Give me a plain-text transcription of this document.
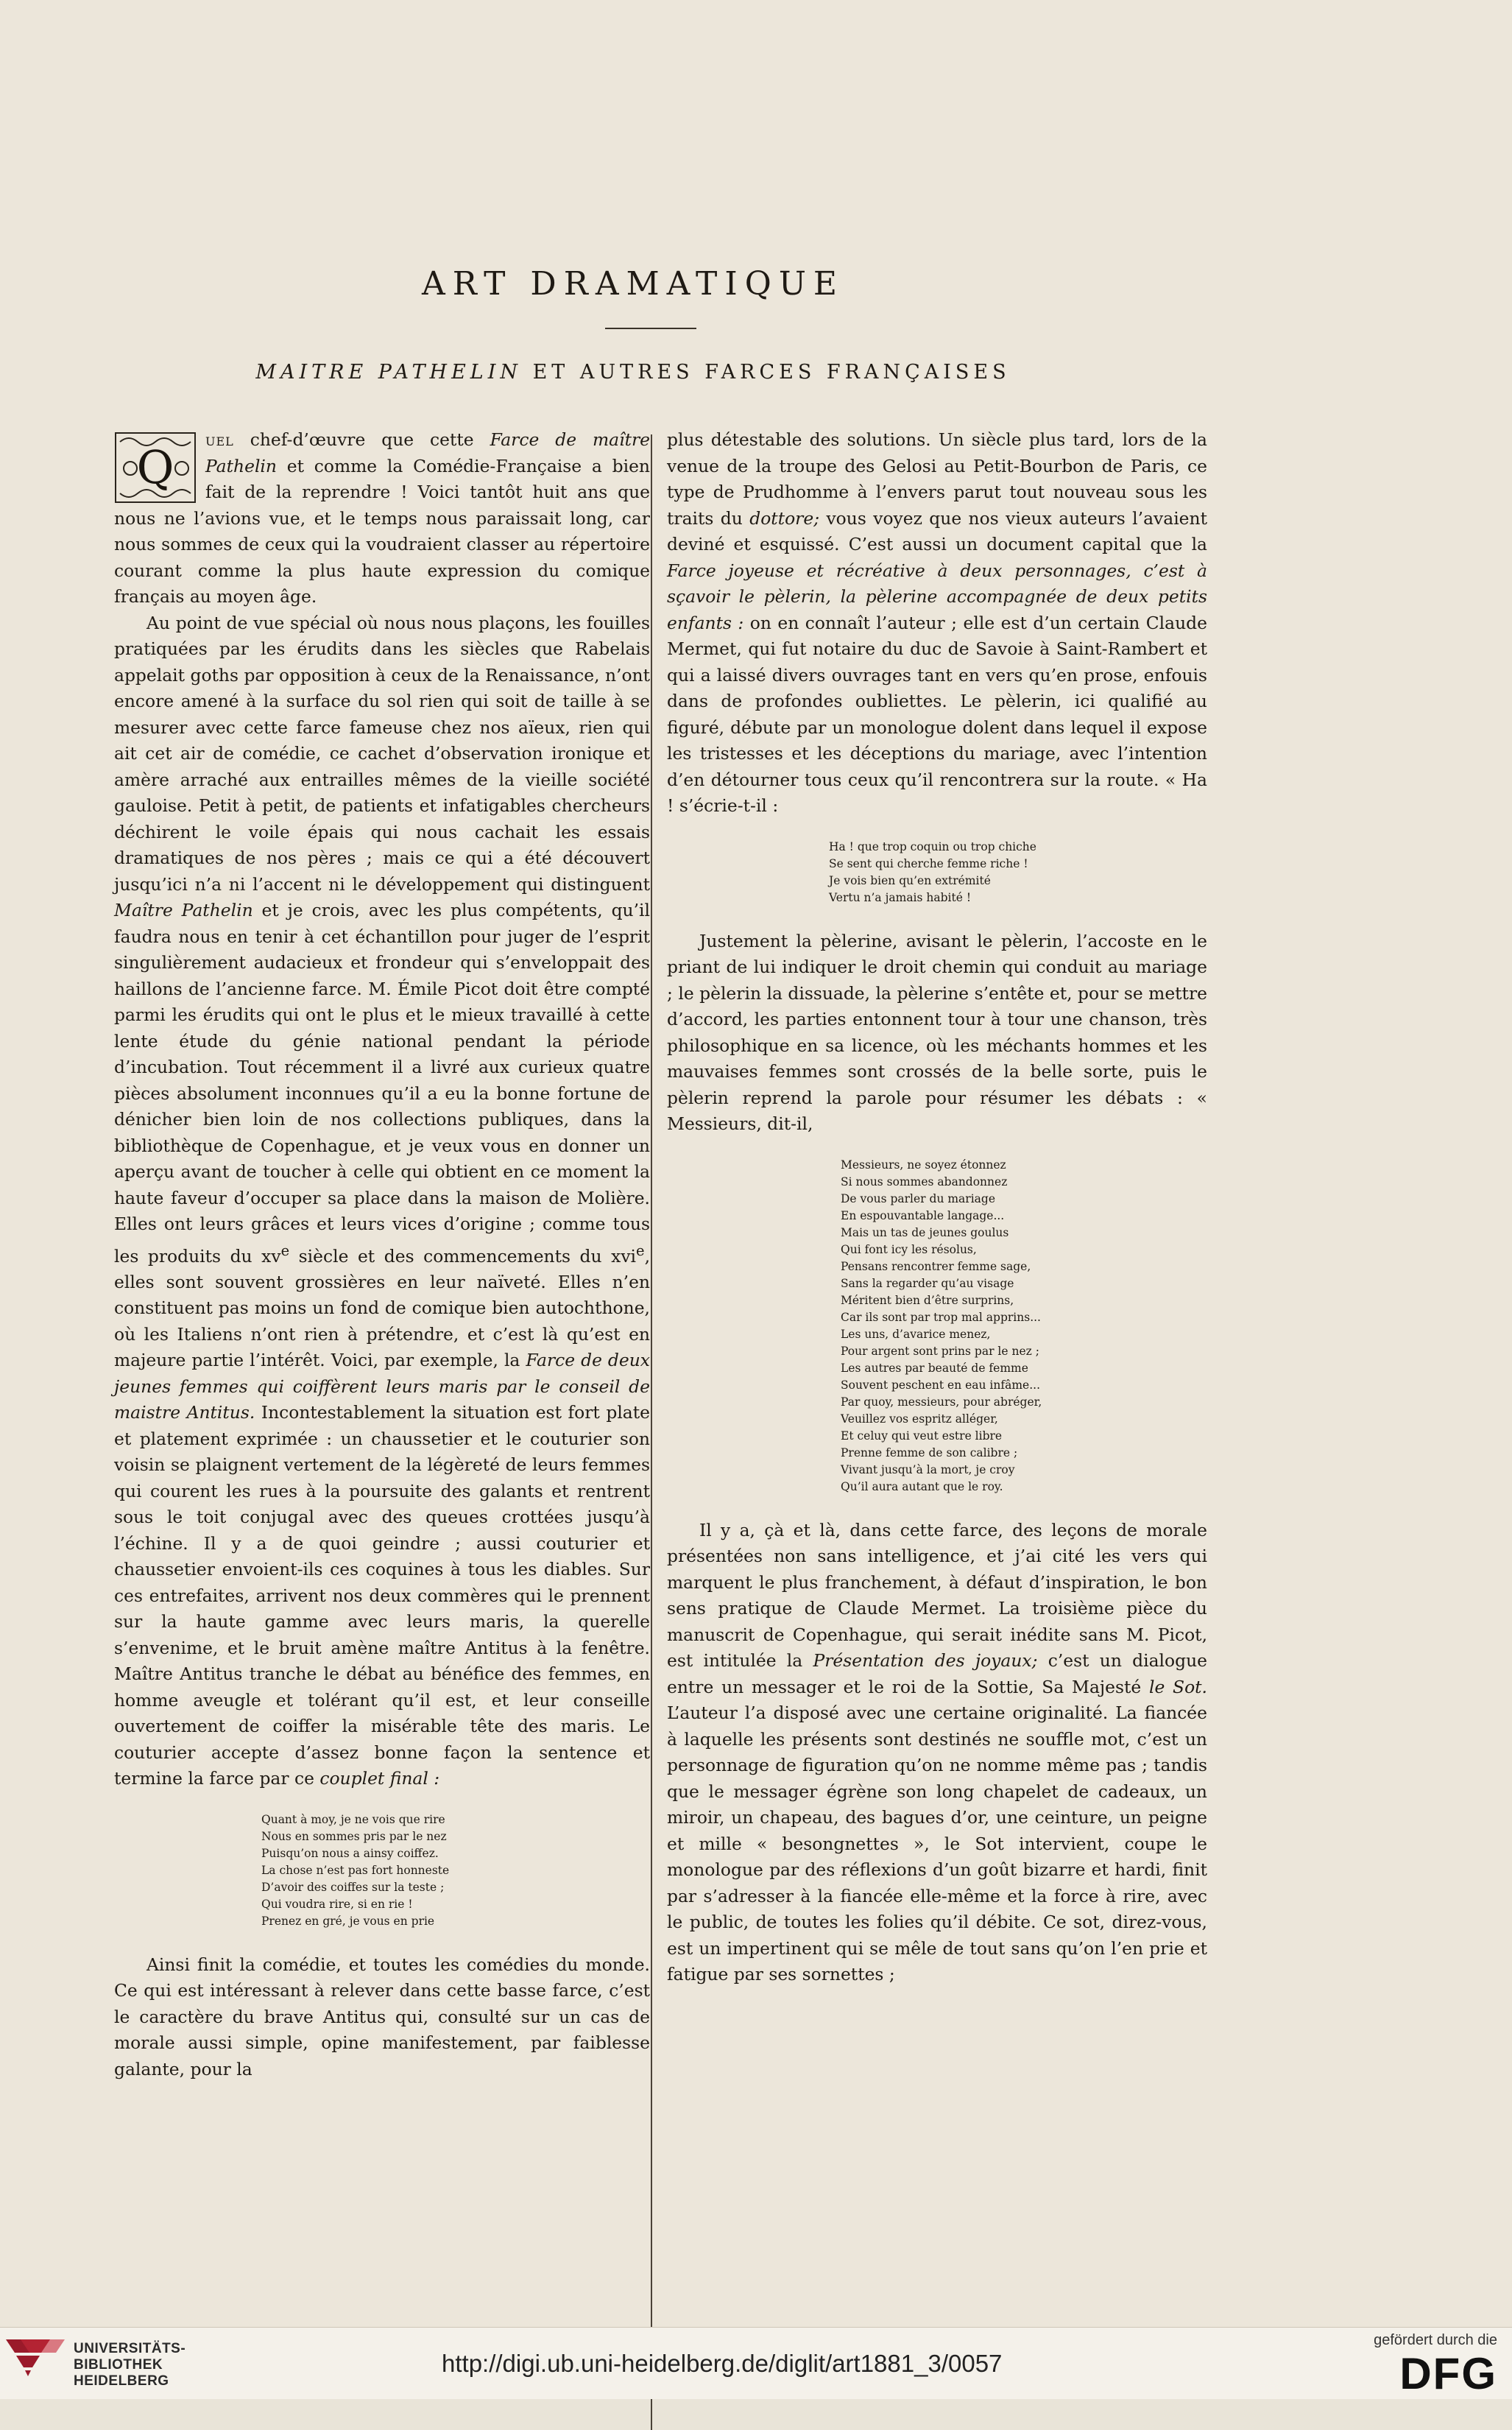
ART DRAMATIQUE
MAITRE PATHELIN ET AUTRES FARCES FRANÇAISES

Q
uel chef-d’œuvre que cette Farce de maître Pathelin et comme la Comédie-Française a bien fait de la reprendre ! Voici tantôt huit ans que nous ne l’avions vue, et le temps nous paraissait long, car nous sommes de ceux qui la voudraient classer au répertoire courant comme la plus haute expression du comique français au moyen âge.

Au point de vue spécial où nous nous plaçons, les fouilles pratiquées par les érudits dans les siècles que Rabelais appelait goths par opposition à ceux de la Renaissance, n’ont encore amené à la surface du sol rien qui soit de taille à se mesurer avec cette farce fameuse chez nos aïeux, rien qui ait cet air de comédie, ce cachet d’observation ironique et amère arraché aux entrailles mêmes de la vieille société gauloise. Petit à petit, de patients et infatigables chercheurs déchirent le voile épais qui nous cachait les essais dramatiques de nos pères ; mais ce qui a été découvert jusqu’ici n’a ni l’accent ni le développement qui distinguent Maître Pathelin et je crois, avec les plus compétents, qu’il faudra nous en tenir à cet échantillon pour juger de l’esprit singulièrement audacieux et frondeur qui s’enveloppait des haillons de l’ancienne farce. M. Émile Picot doit être compté parmi les érudits qui ont le plus et le mieux travaillé à cette lente étude du génie national pendant la période d’incubation. Tout récemment il a livré aux curieux quatre pièces absolument inconnues qu’il a eu la bonne fortune de dénicher bien loin de nos collections publiques, dans la bibliothèque de Copenhague, et je veux vous en donner un aperçu avant de toucher à celle qui obtient en ce moment la haute faveur d’occuper sa place dans la maison de Molière. Elles ont leurs grâces et leurs vices d’origine ; comme tous les produits du $xv^e$ siècle et des commencements du xvi$^e$, elles sont souvent grossières en leur naïveté. Elles n’en constituent pas moins un fond de comique bien autochthone, où les Italiens n’ont rien à prétendre, et c’est là qu’est en majeure partie l’intérêt. Voici, par exemple, la Farce de deux jeunes femmes qui coiffèrent leurs maris par le conseil de maistre Antitus. Incontestablement la situation est fort plate et platement exprimée : un chaussetier et le couturier son voisin se plaignent vertement de la légèreté de leurs femmes qui courent les rues à la poursuite des galants et rentrent sous le toit conjugal avec des queues crottées jusqu’à l’échine. Il y a de quoi geindre ; aussi couturier et chaussetier envoient-ils ces coquines à tous les diables. Sur ces entrefaites, arrivent nos deux commères qui le prennent sur la haute gamme avec leurs maris, la querelle s’envenime, et le bruit amène maître Antitus à la fenêtre. Maître Antitus tranche le débat au bénéfice des femmes, en homme aveugle et tolérant qu’il est, et leur conseille ouvertement de coiffer la misérable tête des maris. Le couturier accepte d’assez bonne façon la sentence et termine la farce par ce couplet final :

Quant à moy, je ne vois que rire
Nous en sommes pris par le nez
Puisqu’on nous a ainsy coiffez.
La chose n’est pas fort honneste
D’avoir des coiffes sur la teste ;
Qui voudra rire, si en rie !
Prenez en gré, je vous en prie

Ainsi finit la comédie, et toutes les comédies du monde. Ce qui est intéressant à relever dans cette basse farce, c’est le caractère du brave Antitus qui, consulté sur un cas de morale aussi simple, opine manifestement, par faiblesse galante, pour la

plus détestable des solutions. Un siècle plus tard, lors de la venue de la troupe des Gelosi au Petit-Bourbon de Paris, ce type de Prudhomme à l’envers parut tout nouveau sous les traits du dottore; vous voyez que nos vieux auteurs l’avaient deviné et esquissé. C’est aussi un document capital que la Farce joyeuse et récréative à deux personnages, c’est à sçavoir le pèlerin, la pèlerine accompagnée de deux petits enfants : on en connaît l’auteur ; elle est d’un certain Claude Mermet, qui fut notaire du duc de Savoie à Saint-Rambert et qui a laissé divers ouvrages tant en vers qu’en prose, enfouis dans de profondes oubliettes. Le pèlerin, ici qualifié au figuré, débute par un monologue dolent dans lequel il expose les tristesses et les déceptions du mariage, avec l’intention d’en détourner tous ceux qu’il rencontrera sur la route. « Ha ! s’écrie-t-il :

Ha ! que trop coquin ou trop chiche
Se sent qui cherche femme riche !
Je vois bien qu’en extrémité
Vertu n’a jamais habité !

Justement la pèlerine, avisant le pèlerin, l’accoste en le priant de lui indiquer le droit chemin qui conduit au mariage ; le pèlerin la dissuade, la pèlerine s’entête et, pour se mettre d’accord, les parties entonnent tour à tour une chanson, très philosophique en sa licence, où les méchants hommes et les mauvaises femmes sont crossés de la belle sorte, puis le pèlerin reprend la parole pour résumer les débats : « Messieurs, dit-il,

Messieurs, ne soyez étonnez
Si nous sommes abandonnez
De vous parler du mariage
En espouvantable langage...
Mais un tas de jeunes goulus
Qui font icy les résolus,
Pensans rencontrer femme sage,
Sans la regarder qu’au visage
Méritent bien d’être surprins,
Car ils sont par trop mal apprins...
Les uns, d’avarice menez,
Pour argent sont prins par le nez ;
Les autres par beauté de femme
Souvent peschent en eau infâme...
Par quoy, messieurs, pour abréger,
Veuillez vos espritz alléger,
Et celuy qui veut estre libre
Prenne femme de son calibre ;
Vivant jusqu’à la mort, je croy
Qu’il aura autant que le roy.

Il y a, çà et là, dans cette farce, des leçons de morale présentées non sans intelligence, et j’ai cité les vers qui marquent le plus franchement, à défaut d’inspiration, le bon sens pratique de Claude Mermet. La troisième pièce du manuscrit de Copenhague, qui serait inédite sans M. Picot, est intitulée la Présentation des joyaux; c’est un dialogue entre un messager et le roi de la Sottie, Sa Majesté le Sot. L’auteur l’a disposé avec une certaine originalité. La fiancée à laquelle les présents sont destinés ne souffle mot, c’est un personnage de figuration qu’on ne nomme même pas ; tandis que le messager égrène son long chapelet de cadeaux, un miroir, un chapeau, des bagues d’or, une ceinture, un peigne et mille « besongnettes », le Sot intervient, coupe le monologue par des réflexions d’un goût bizarre et hardi, finit par s’adresser à la fiancée elle-même et la force à rire, avec le public, de toutes les folies qu’il débite. Ce sot, direz-vous, est un impertinent qui se mêle de tout sans qu’on l’en prie et fatigue par ses sornettes ;

UNIVERSITÄTS-
BIBLIOTHEK
HEIDELBERG
http://digi.ub.uni-heidelberg.de/diglit/art1881_3/0057
gefördert durch die
DFG
